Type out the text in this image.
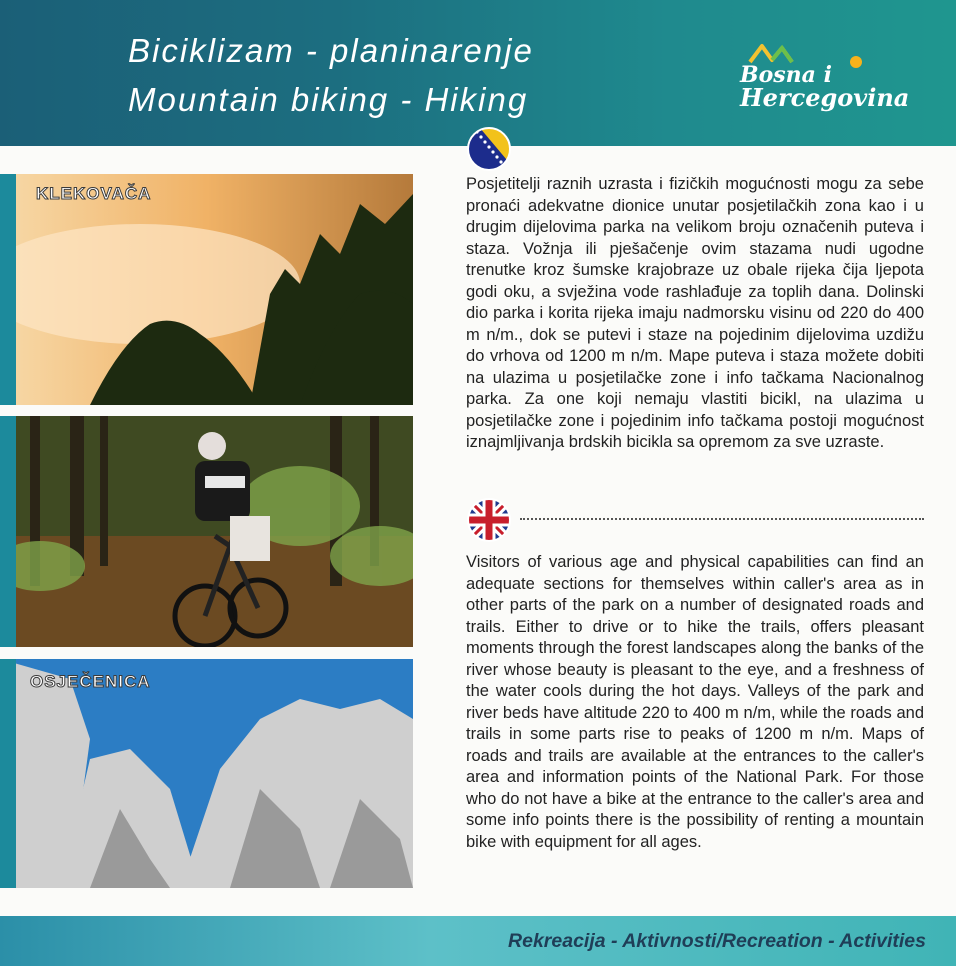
Biciklizam - planinarenje
Mountain biking - Hiking
Bosna i
Hercegovina
KLEKOVAČA
OSJEČENICA
Posjetitelji raznih uzrasta i fizičkih mogućnosti mogu za sebe pronaći adekvatne dionice unutar posjetilačkih zona kao i u drugim dijelovima parka na velikom broju označenih puteva i staza. Vožnja ili pješačenje ovim stazama nudi ugodne trenutke kroz šumske krajobraze uz obale rijeka čija ljepota godi oku, a svježina vode rashlađuje za toplih dana. Dolinski dio parka i korita rijeka imaju nadmorsku visinu od 220 do 400 m n/m., dok se putevi i staze na pojedinim dijelovima uzdižu do vrhova od 1200 m n/m. Mape puteva i staza možete dobiti na ulazima u posjetilačke zone i info tačkama Nacionalnog parka. Za one koji nemaju vlastiti bicikl, na ulazima u posjetilačke zone i pojedinim info tačkama postoji mogućnost iznajmljivanja brdskih bicikla sa opremom za sve uzraste.
Visitors of various age and physical capabilities can find an adequate sections for themselves within caller's area as in other parts of the park on a number of designated roads and trails. Either to drive or to hike the trails, offers pleasant moments through the forest landscapes along the banks of the river whose beauty is pleasant to the eye, and a freshness of the water cools during the hot days. Valleys of the park and river beds have altitude 220 to 400 m n/m, while the roads and trails in some parts rise to peaks of 1200 m n/m. Maps of roads and trails are available at the entrances to the caller's area and information points of the National Park. For those who do not have a bike at the entrance to the caller's area and some info points there is the possibility of renting a mountain bike with equipment for all ages.
Rekreacija - Aktivnosti/Recreation - Activities
